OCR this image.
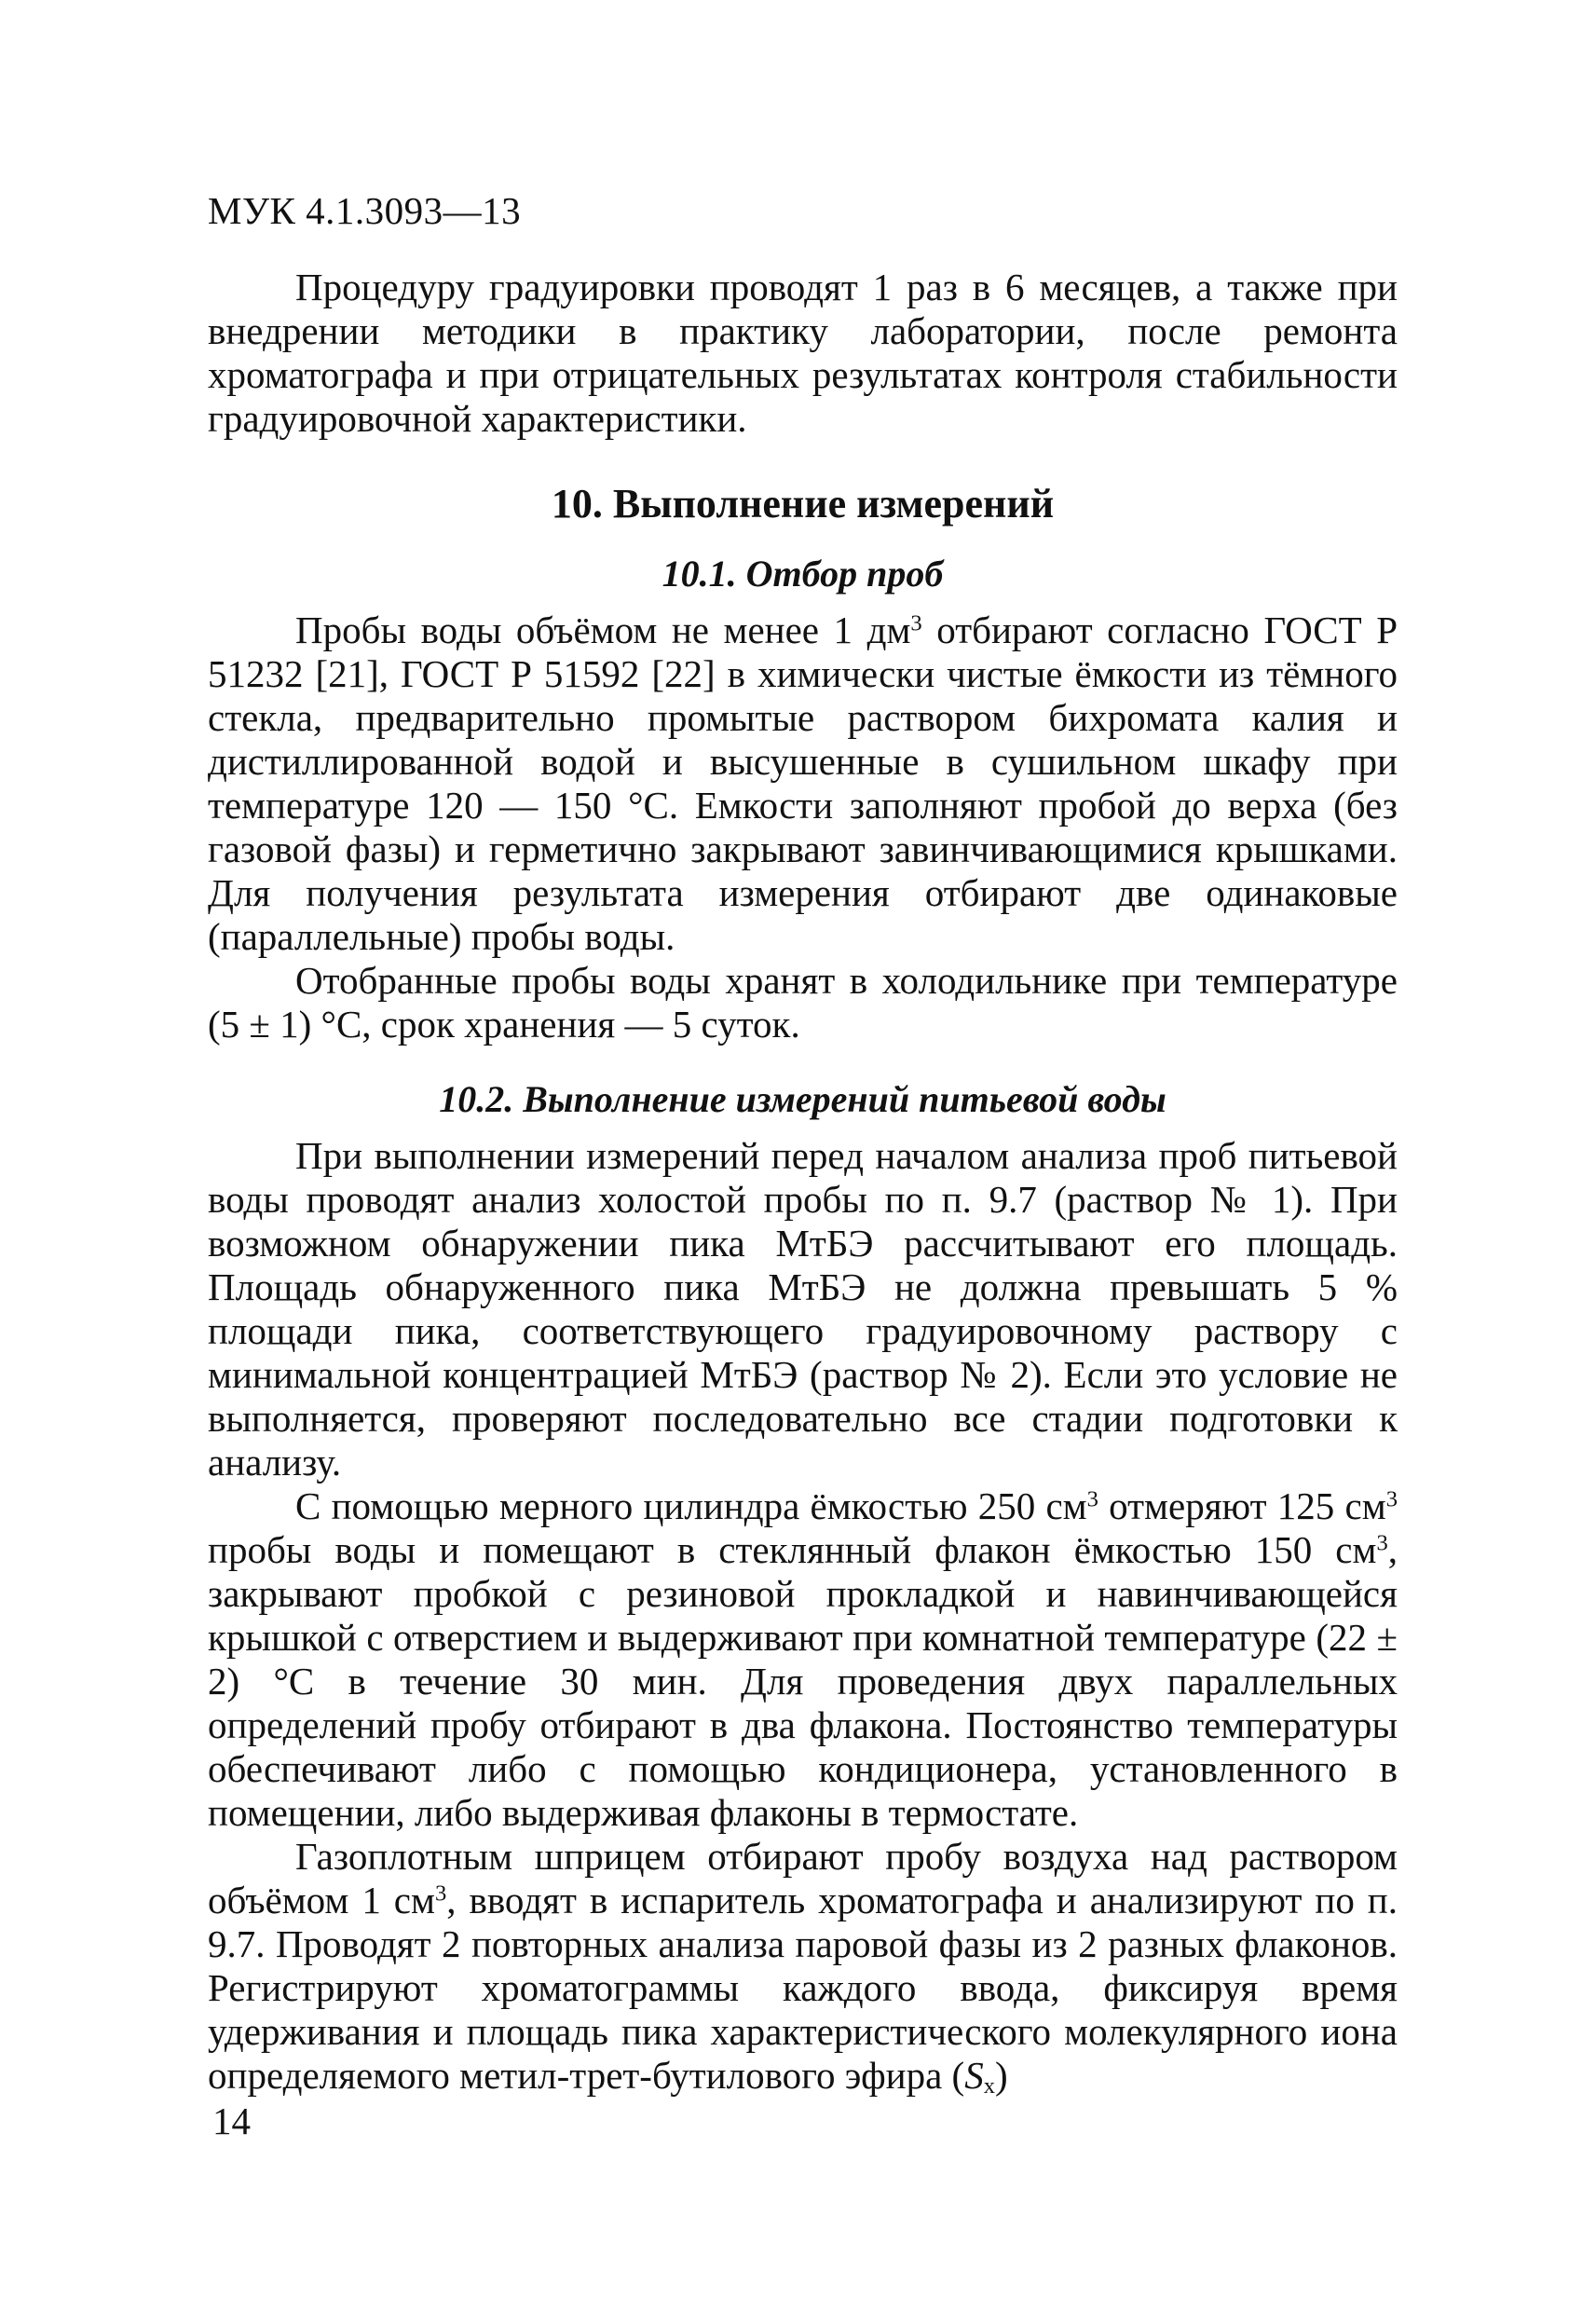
МУК 4.1.3093—13

Процедуру градуировки проводят 1 раз в 6 месяцев, а также при внедрении методики в практику лаборатории, после ремонта хроматографа и при отрицательных результатах контроля стабильности градуировочной характеристики.

10. Выполнение измерений
10.1. Отбор проб

Пробы воды объёмом не менее 1 $дм^3$ отбирают согласно ГОСТ Р 51232 [21], ГОСТ Р 51592 [22] в химически чистые ёмкости из тёмного стекла, предварительно промытые раствором бихромата калия и дистиллированной водой и высушенные в сушильном шкафу при температуре 120 — 150 °С. Емкости заполняют пробой до верха (без газовой фазы) и герметично закрывают завинчивающимися крышками. Для получения результата измерения отбирают две одинаковые (параллельные) пробы воды.

Отобранные пробы воды хранят в холодильнике при температуре (5 ± 1) °С, срок хранения — 5 суток.

10.2. Выполнение измерений питьевой воды

При выполнении измерений перед началом анализа проб питьевой воды проводят анализ холостой пробы по п. 9.7 (раствор № 1). При возможном обнаружении пика МтБЭ рассчитывают его площадь. Площадь обнаруженного пика МтБЭ не должна превышать 5 % площади пика, соответствующего градуировочному раствору с минимальной концентрацией МтБЭ (раствор № 2). Если это условие не выполняется, проверяют последовательно все стадии подготовки к анализу.

С помощью мерного цилиндра ёмкостью 250 $см^3$ отмеряют 125 $см^3$ пробы воды и помещают в стеклянный флакон ёмкостью 150 $см^3$, закрывают пробкой с резиновой прокладкой и навинчивающейся крышкой с отверстием и выдерживают при комнатной температуре (22 ± 2) °С в течение 30 мин. Для проведения двух параллельных определений пробу отбирают в два флакона. Постоянство температуры обеспечивают либо с помощью кондиционера, установленного в помещении, либо выдерживая флаконы в термостате.

Газоплотным шприцем отбирают пробу воздуха над раствором объёмом 1 $см^3$, вводят в испаритель хроматографа и анализируют по п. 9.7. Проводят 2 повторных анализа паровой фазы из 2 разных флаконов. Регистрируют хроматограммы каждого ввода, фиксируя время удерживания и площадь пика характеристического молекулярного иона определяемого метил-трет-бутилового эфира $(S_x)$

14
